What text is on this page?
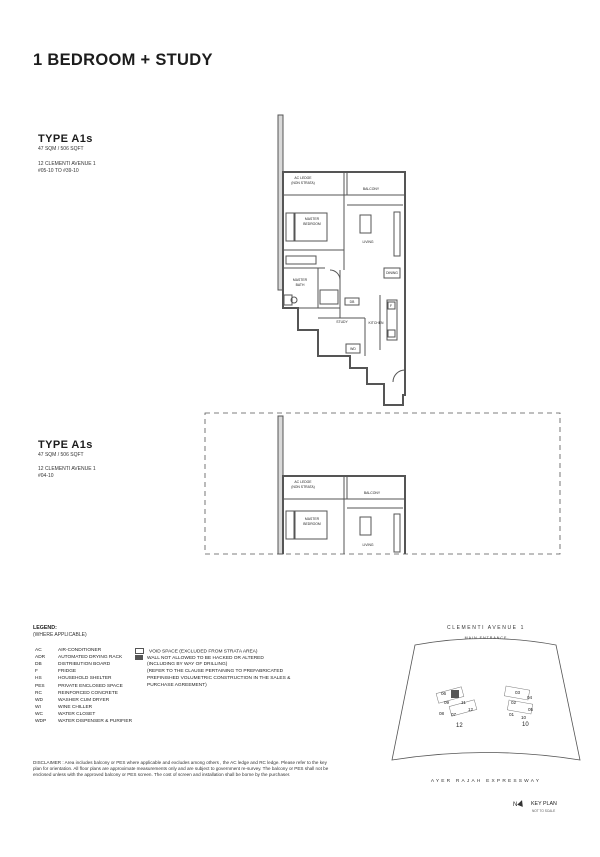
1 BEDROOM + STUDY
TYPE A1s
47 SQM / 506 SQFT
12 CLEMENTI AVENUE 1
#05-10 TO #39-10
AC LEDGE
(NON STRATA)
BALCONY
MASTER
BEDROOM
LIVING
DINING
MASTER
BATH
DB
F
KITCHEN
STUDY
WD
TYPE A1s
47 SQM / 506 SQFT
12 CLEMENTI AVENUE 1
#04-10
AC LEDGE
(NON STRATA)
BALCONY
MASTER
BEDROOM
LIVING
LEGEND:
(WHERE APPLICABLE)
AC	AIR-CONDITIONER
ADR	AUTOMATED DRYING RACK
DB	DISTRIBUTION BOARD
F	FRIDGE
HS	HOUSEHOLD SHELTER
PES	PRIVATE ENCLOSED SPACE
RC	REINFORCED CONCRETE
WD	WASHER CUM DRYER
WI	WINE CHILLER
WC	WATER CLOSET
WDP WATER DISPENSER & PURIFIER
VOID SPACE (EXCLUDED FROM STRATA AREA)
WALL NOT ALLOWED TO BE HACKED OR ALTERED
(INCLUDING BY WAY OF DRILLING)
(REFER TO THE CLAUSE PERTAINING TO PREFABRICATED
PREFINISHED VOLUMETRIC CONSTRUCTION IN THE SALES &
PURCHASE AGREEMENT)
DISCLAIMER : Area includes balcony or PES where applicable and excludes among others , the AC ledge and RC ledge. Please refer to the key plan for orientation. All floor plans are approximate measurements only and are subject to government re-survey. The balcony or PES shall not be enclosed unless with the approved balcony or PES screen. The cost of screen and installation shall be borne by the purchaser.
CLEMENTI AVENUE 1
MAIN ENTRANCE
06
07
08
09	11
12
01
02
03
04
05
10
12	10
AYER RAJAH EXPRESSWAY
N	KEY PLAN
NOT TO SCALE
